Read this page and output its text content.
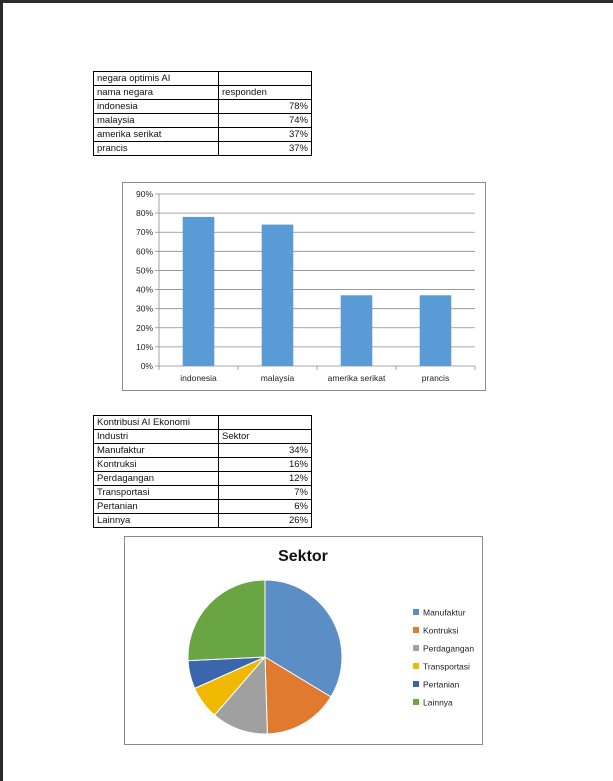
negara optimis AI	
nama negara	responden
indonesia	78%
malaysia	74%
amerika serikat	37%
prancis	37%
0%
10%
20%
30%
40%
50%
60%
70%
80%
90%
indonesia	malaysia	amerika serikat	prancis
Kontribusi AI Ekonomi	
Industri	Sektor
Manufaktur	34%
Kontruksi	16%
Perdagangan	12%
Transportasi	7%
Pertanian	6%
Lainnya	26%
Sektor
Manufaktur
Kontruksi
Perdagangan
Transportasi
Pertanian
Lainnya
